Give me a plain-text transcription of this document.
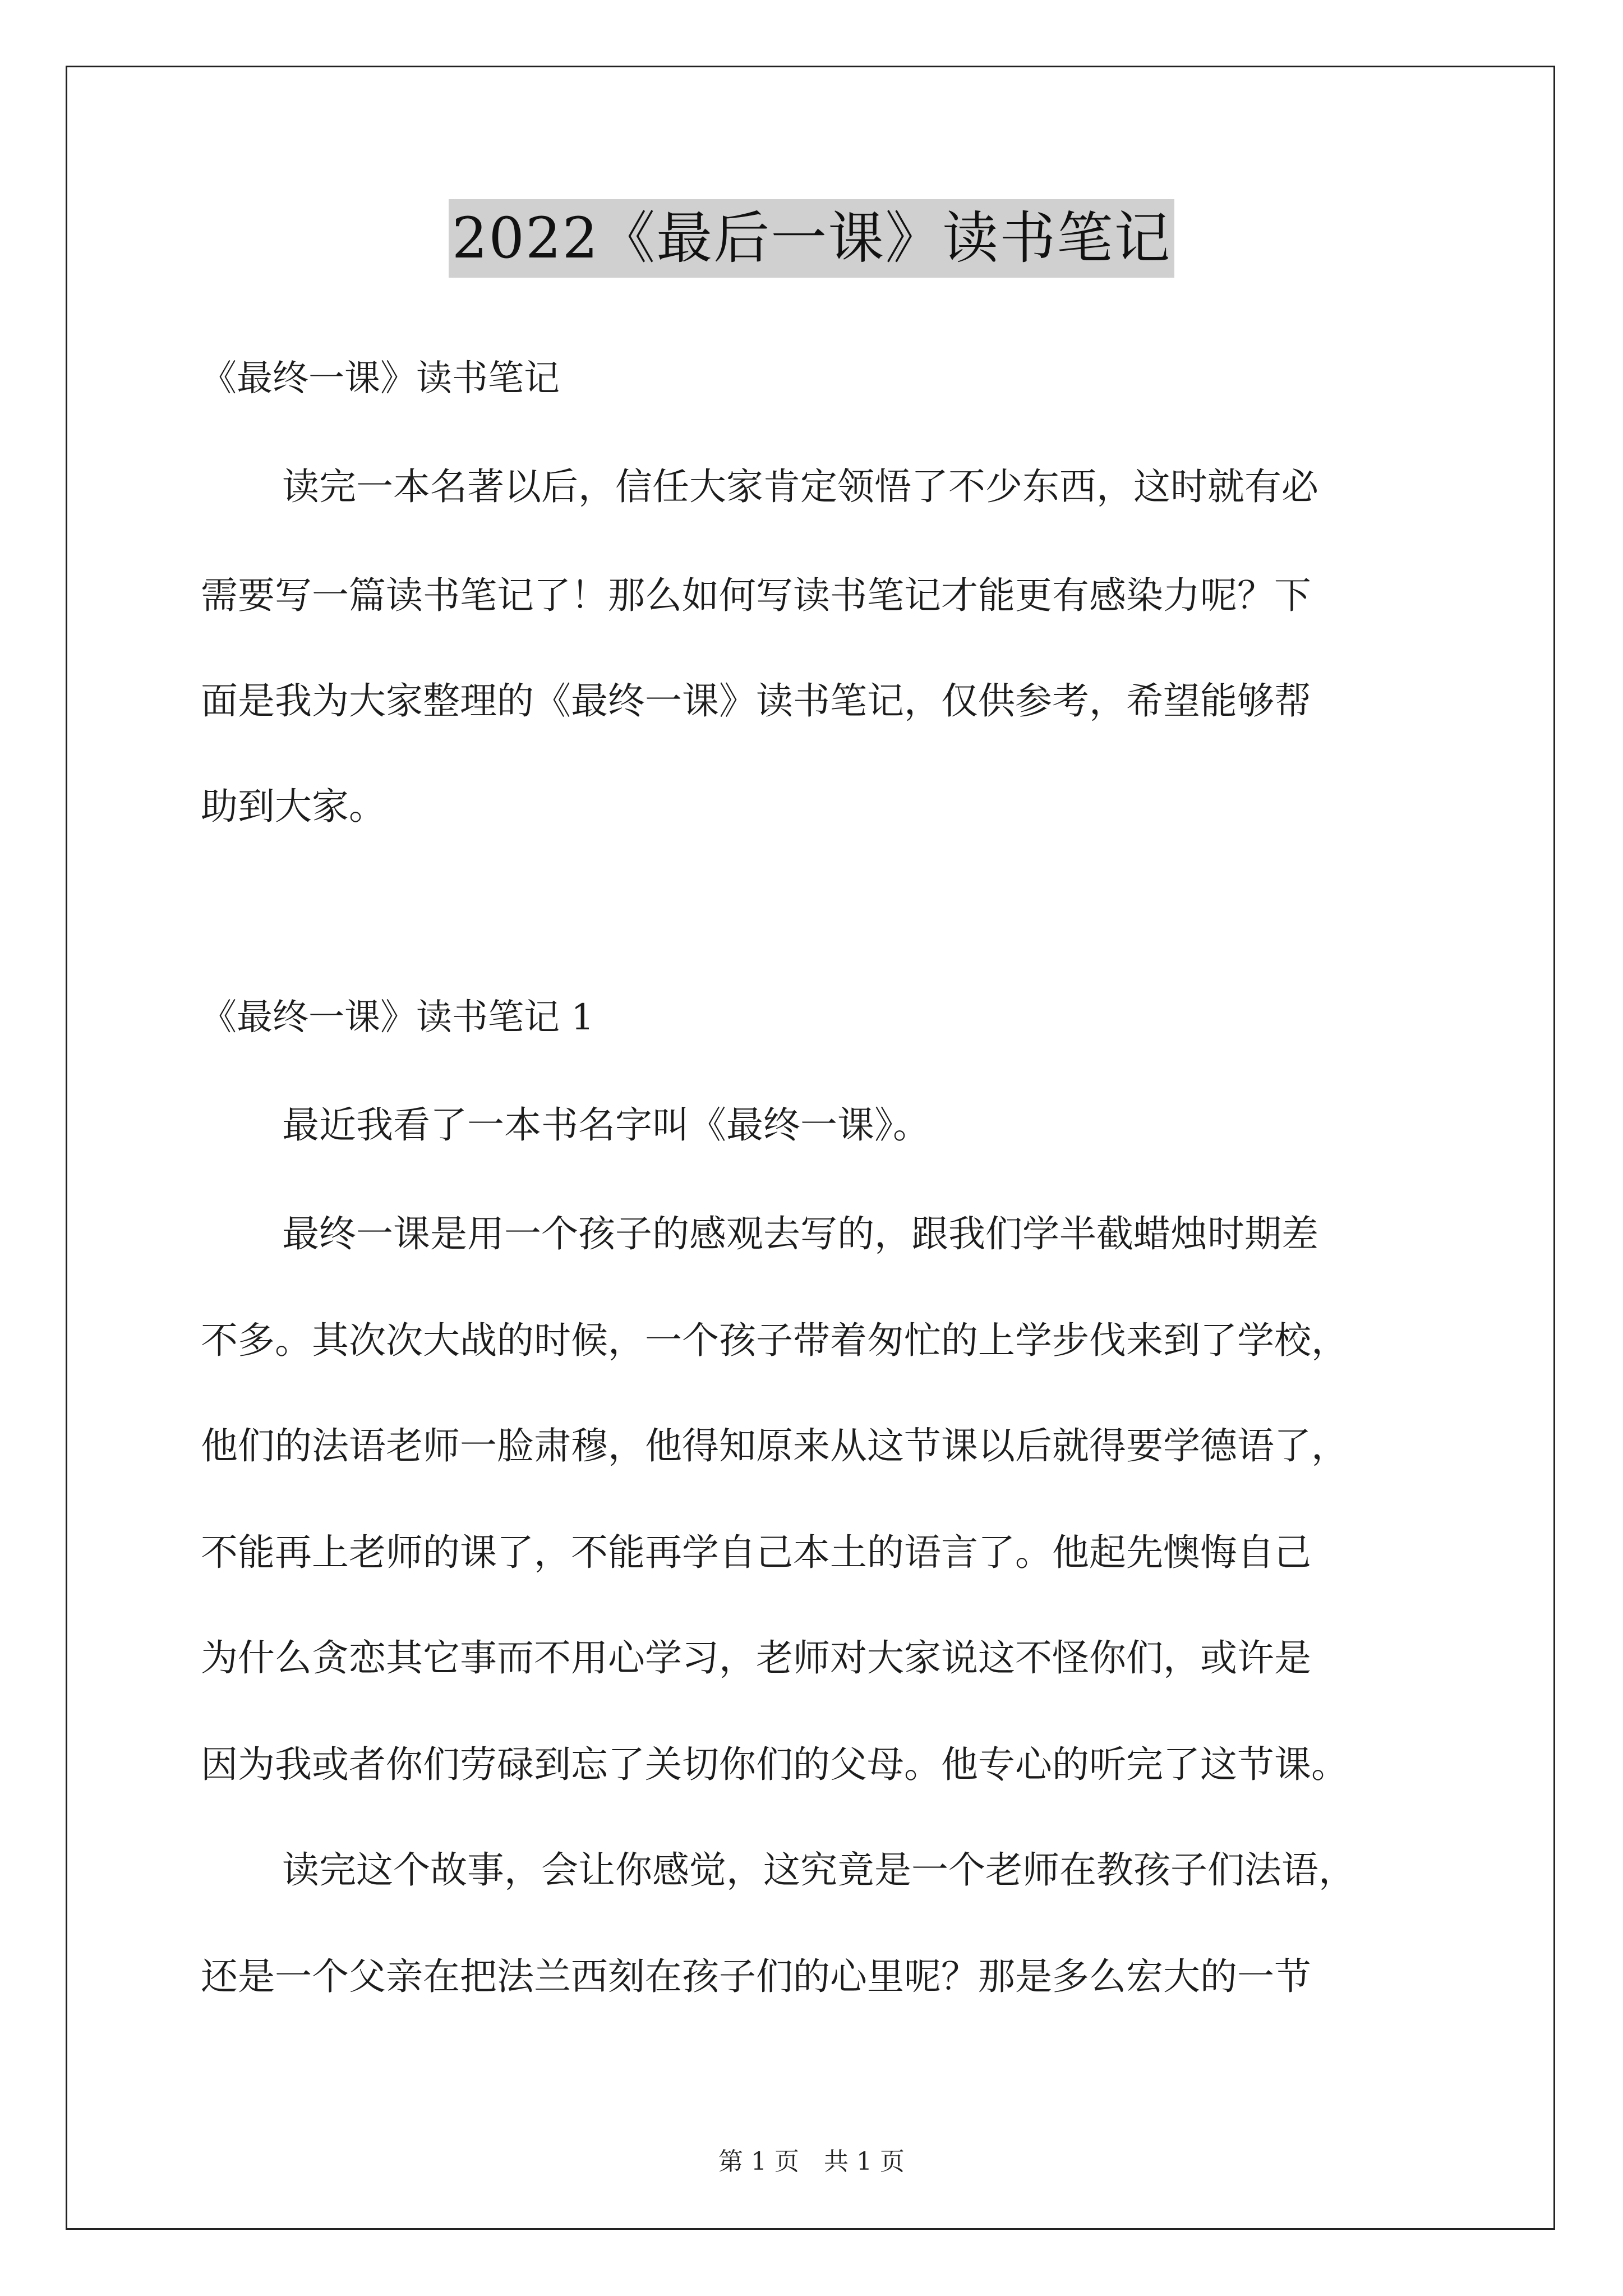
2022《最后一课》读书笔记
《最终一课》读书笔记
读完一本名著以后，信任大家肯定领悟了不少东西，这时就有必
需要写一篇读书笔记了！那么如何写读书笔记才能更有感染力呢？下
面是我为大家整理的《最终一课》读书笔记，仅供参考，希望能够帮
助到大家。
《最终一课》读书笔记 1
最近我看了一本书名字叫《最终一课》。
最终一课是用一个孩子的感观去写的，跟我们学半截蜡烛时期差
不多。其次次大战的时候，一个孩子带着匆忙的上学步伐来到了学校，
他们的法语老师一脸肃穆，他得知原来从这节课以后就得要学德语了，
不能再上老师的课了，不能再学自己本土的语言了。他起先懊悔自己
为什么贪恋其它事而不用心学习，老师对大家说这不怪你们，或许是
因为我或者你们劳碌到忘了关切你们的父母。他专心的听完了这节课。
读完这个故事，会让你感觉，这究竟是一个老师在教孩子们法语，
还是一个父亲在把法兰西刻在孩子们的心里呢？那是多么宏大的一节
第 1 页　共 1 页
